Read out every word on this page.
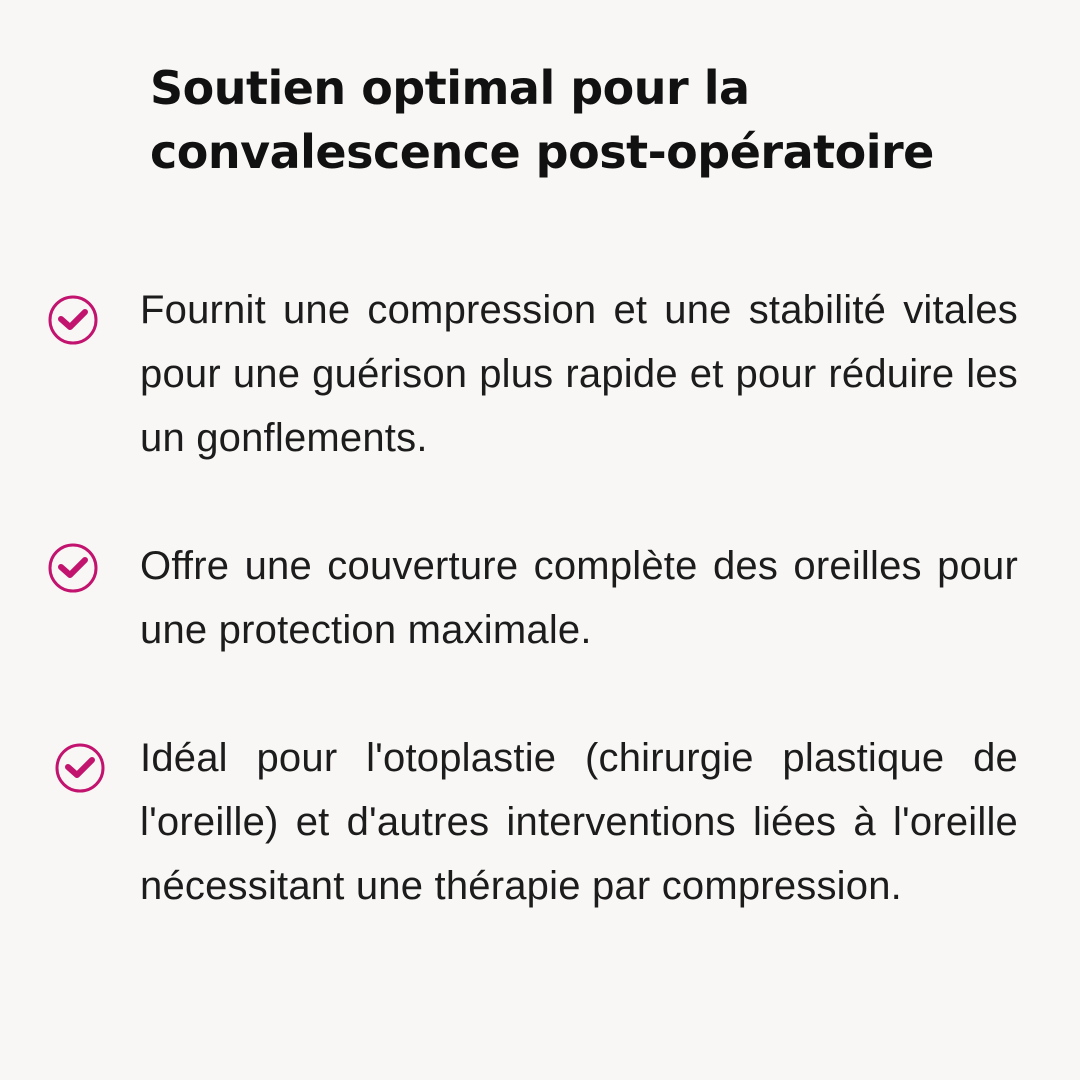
Soutien optimal pour la
convalescence post-opératoire

Fournit une compression et une stabilité vitales pour une guérison plus rapide et pour réduire les un gonflements.

Offre une couverture complète des oreilles pour une protection maximale.

Idéal pour l'otoplastie (chirurgie plastique de l'oreille) et d'autres interventions liées à l'oreille nécessitant une thérapie par compression.
